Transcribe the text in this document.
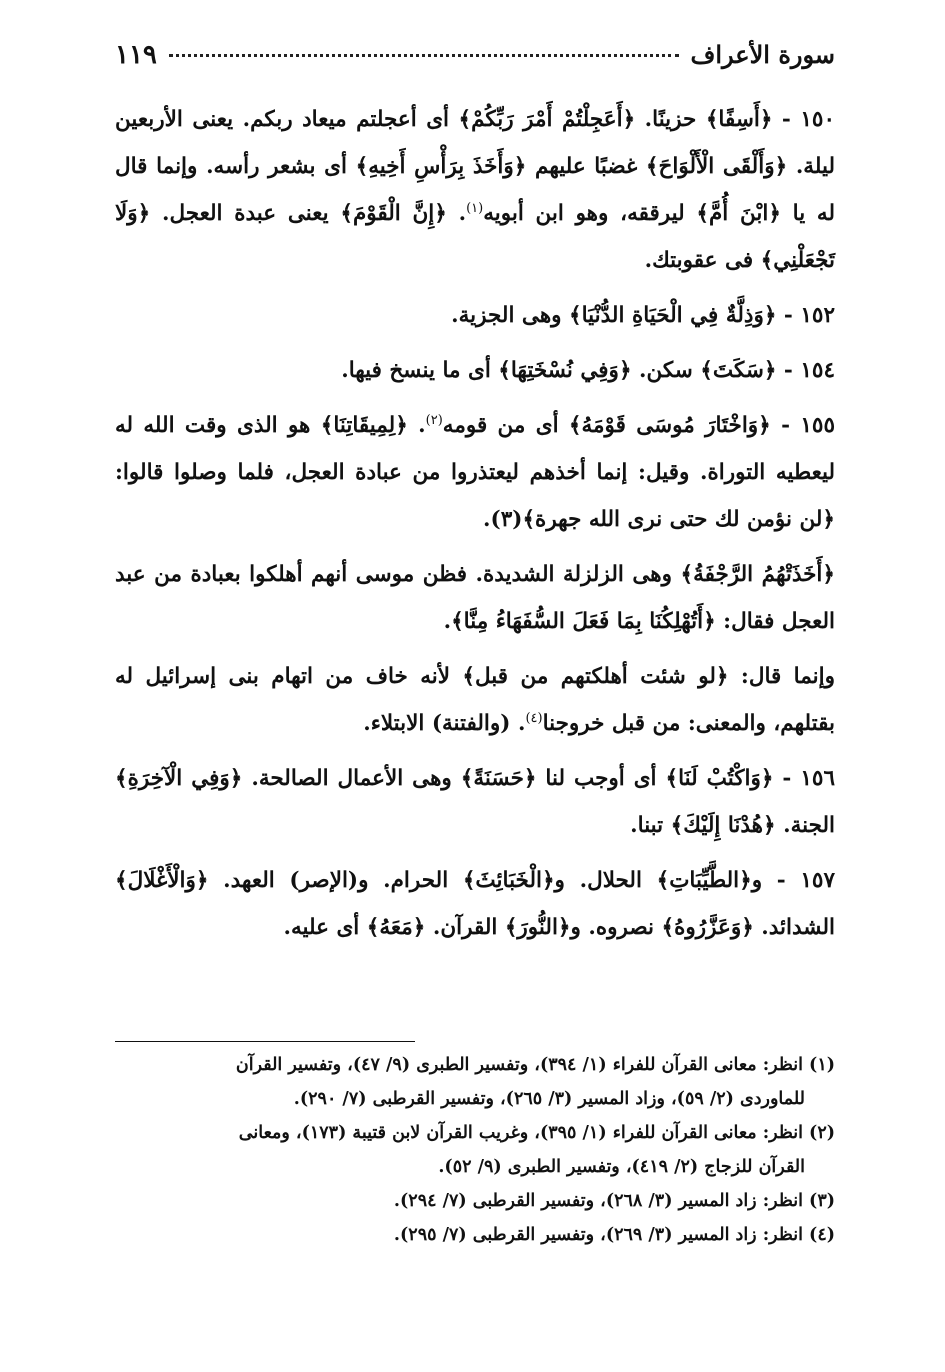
سورة الأعراف
١١٩

١٥٠ - ﴿أَسِفًا﴾ حزينًا. ﴿أَعَجِلْتُمْ أَمْرَ رَبِّكُمْ﴾ أى أعجلتم ميعاد ربكم. يعنى الأربعين ليلة. ﴿وَأَلْقَى الْأَلْوَاحَ﴾ غضبًا عليهم ﴿وَأَخَذَ بِرَأْسِ أَخِيهِ﴾ أى بشعر رأسه. وإنما قال له يا ﴿ابْنَ أُمَّ﴾ ليرققه، وهو ابن أبويه$^{(١)}$. ﴿إِنَّ الْقَوْمَ﴾ يعنى عبدة العجل. ﴿وَلَا تَجْعَلْنِي﴾ فى عقوبتك.

١٥٢ - ﴿وَذِلَّةٌ فِي الْحَيَاةِ الدُّنْيَا﴾ وهى الجزية.

١٥٤ - ﴿سَكَتَ﴾ سكن. ﴿وَفِي نُسْخَتِهَا﴾ أى ما ينسخ فيها.

١٥٥ - ﴿وَاخْتَارَ مُوسَى قَوْمَهُ﴾ أى من قومه$^{(٢)}$. ﴿لِمِيقَاتِنَا﴾ هو الذى وقت الله له ليعطيه التوراة. وقيل: إنما أخذهم ليعتذروا من عبادة العجل، فلما وصلوا قالوا: ﴿لن نؤمن لك حتى نرى الله جهرة﴾(٣).

﴿أَخَذَتْهُمُ الرَّجْفَةُ﴾ وهى الزلزلة الشديدة. فظن موسى أنهم أهلكوا بعبادة من عبد العجل فقال: ﴿أَتُهْلِكُنَا بِمَا فَعَلَ السُّفَهَاءُ مِنَّا﴾.

وإنما قال: ﴿لو شئت أهلكتهم من قبل﴾ لأنه خاف من اتهام بنى إسرائيل له بقتلهم، والمعنى: من قبل خروجنا$^{(٤)}$. (والفتنة) الابتلاء.

١٥٦ - ﴿وَاكْتُبْ لَنَا﴾ أى أوجب لنا ﴿حَسَنَةً﴾ وهى الأعمال الصالحة. ﴿وَفِي الْآخِرَةِ﴾ الجنة. ﴿هُدْنَا إِلَيْكَ﴾ تبنا.

١٥٧ - و﴿الطَّيِّبَاتِ﴾ الحلال. و﴿الْخَبَائِثَ﴾ الحرام. و(الإصر) العهد. ﴿وَالْأَغْلَالَ﴾ الشدائد. ﴿وَعَزَّرُوهُ﴾ نصروه. و﴿النُّورَ﴾ القرآن. ﴿مَعَهُ﴾ أى عليه.

(١) انظر: معانى القرآن للفراء (١/ ٣٩٤)، وتفسير الطبرى (٩/ ٤٧)، وتفسير القرآن
للماوردى (٢/ ٥٩)، وزاد المسير (٣/ ٢٦٥)، وتفسير القرطبى (٧/ ٢٩٠).

(٢) انظر: معانى القرآن للفراء (١/ ٣٩٥)، وغريب القرآن لابن قتيبة (١٧٣)، ومعانى
القرآن للزجاج (٢/ ٤١٩)، وتفسير الطبرى (٩/ ٥٢).

(٣) انظر: زاد المسير (٣/ ٢٦٨)، وتفسير القرطبى (٧/ ٢٩٤).

(٤) انظر: زاد المسير (٣/ ٢٦٩)، وتفسير القرطبى (٧/ ٢٩٥).
